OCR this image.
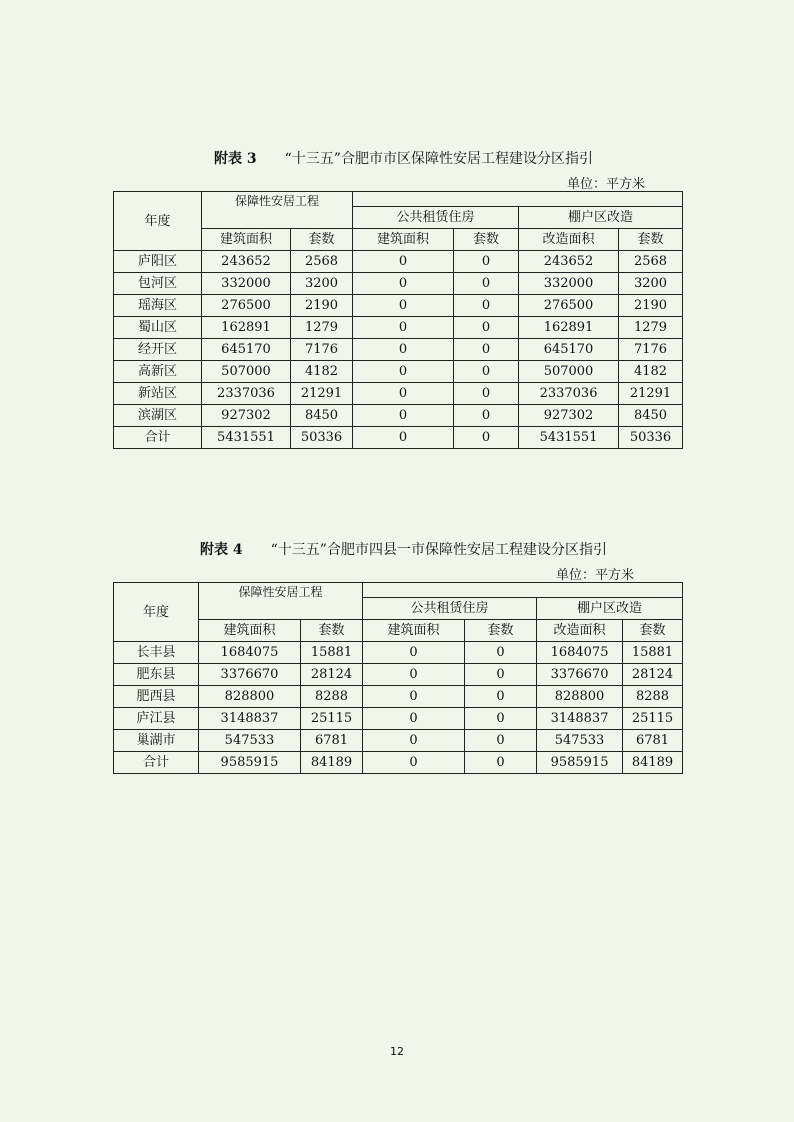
附表 3 “十三五”合肥市市区保障性安居工程建设分区指引
单位：平方米
年度	保障性安居工程					
			公共租赁住房		棚户区改造	
	建筑面积	套数	建筑面积	套数	改造面积	套数
庐阳区	243652	2568	0	0	243652	2568
包河区	332000	3200	0	0	332000	3200
瑶海区	276500	2190	0	0	276500	2190
蜀山区	162891	1279	0	0	162891	1279
经开区	645170	7176	0	0	645170	7176
高新区	507000	4182	0	0	507000	4182
新站区	2337036	21291	0	0	2337036	21291
滨湖区	927302	8450	0	0	927302	8450
合计	5431551	50336	0	0	5431551	50336
附表 4 “十三五”合肥市四县一市保障性安居工程建设分区指引
单位：平方米
年度	保障性安居工程					
			公共租赁住房		棚户区改造	
	建筑面积	套数	建筑面积	套数	改造面积	套数
长丰县	1684075	15881	0	0	1684075	15881
肥东县	3376670	28124	0	0	3376670	28124
肥西县	828800	8288	0	0	828800	8288
庐江县	3148837	25115	0	0	3148837	25115
巢湖市	547533	6781	0	0	547533	6781
合计	9585915	84189	0	0	9585915	84189
12
